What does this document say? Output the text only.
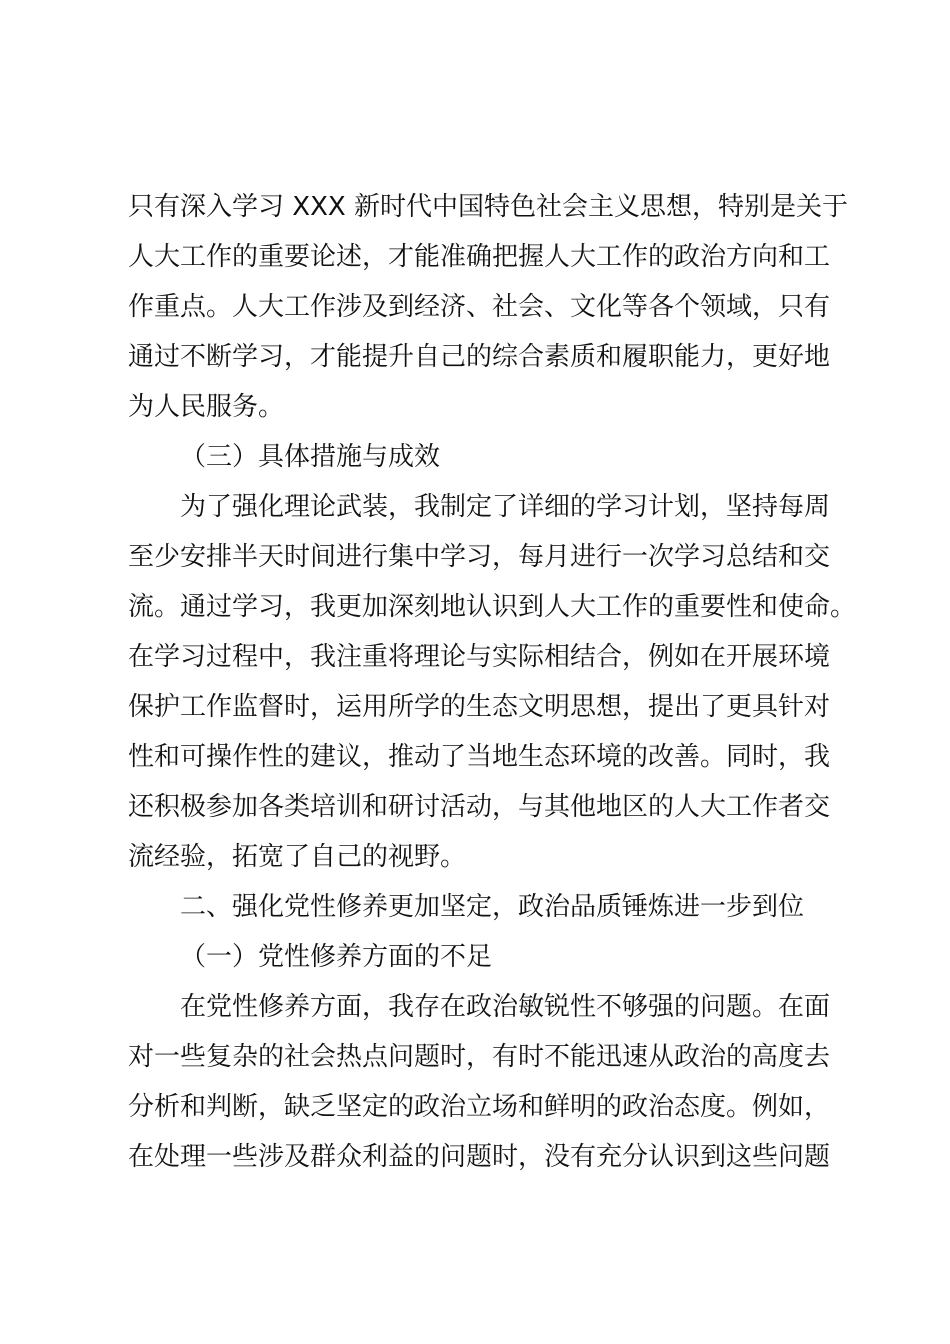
只有深入学习 XXX 新时代中国特色社会主义思想，特别是关于
人大工作的重要论述，才能准确把握人大工作的政治方向和工
作重点。人大工作涉及到经济、社会、文化等各个领域，只有
通过不断学习，才能提升自己的综合素质和履职能力，更好地
为人民服务。
（三）具体措施与成效
为了强化理论武装，我制定了详细的学习计划，坚持每周
至少安排半天时间进行集中学习，每月进行一次学习总结和交
流。通过学习，我更加深刻地认识到人大工作的重要性和使命。
在学习过程中，我注重将理论与实际相结合，例如在开展环境
保护工作监督时，运用所学的生态文明思想，提出了更具针对
性和可操作性的建议，推动了当地生态环境的改善。同时，我
还积极参加各类培训和研讨活动，与其他地区的人大工作者交
流经验，拓宽了自己的视野。
二、强化党性修养更加坚定，政治品质锤炼进一步到位
（一）党性修养方面的不足
在党性修养方面，我存在政治敏锐性不够强的问题。在面
对一些复杂的社会热点问题时，有时不能迅速从政治的高度去
分析和判断，缺乏坚定的政治立场和鲜明的政治态度。例如，
在处理一些涉及群众利益的问题时，没有充分认识到这些问题
